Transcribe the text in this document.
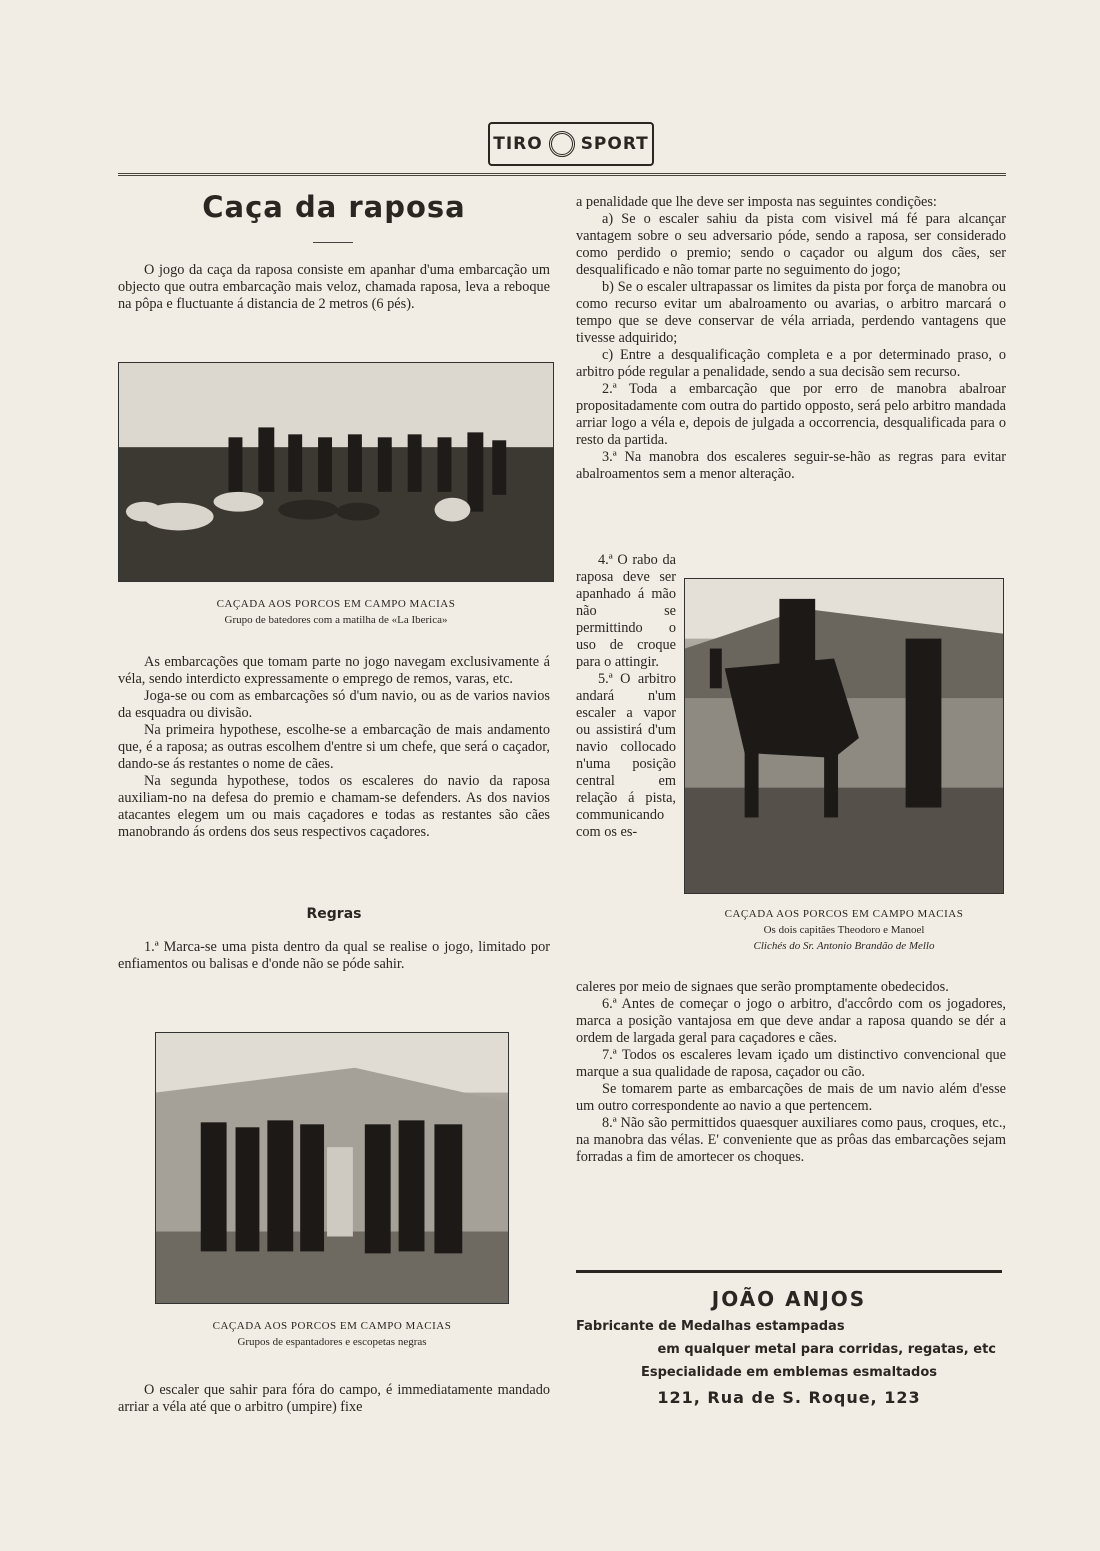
TIRO SPORT
Caça da raposa

O jogo da caça da raposa consiste em apanhar d'uma embarcação um objecto que outra embarcação mais veloz, chamada raposa, leva a reboque na pôpa e fluctuante á distancia de 2 metros (6 pés).

CAÇADA AOS PORCOS EM CAMPO MACIAS
Grupo de batedores com a matilha de «La Iberica»

As embarcações que tomam parte no jogo navegam exclusivamente á véla, sendo interdicto expressamente o emprego de remos, varas, etc.

Joga-se ou com as embarcações só d'um navio, ou as de varios navios da esquadra ou divisão.

Na primeira hypothese, escolhe-se a embarcação de mais andamento que, é a raposa; as outras escolhem d'entre si um chefe, que será o caçador, dando-se ás restantes o nome de cães.

Na segunda hypothese, todos os escaleres do navio da raposa auxiliam-no na defesa do premio e chamam-se defenders. As dos navios atacantes elegem um ou mais caçadores e todas as restantes são cães manobrando ás ordens dos seus respectivos caçadores.

Regras

1.ª Marca-se uma pista dentro da qual se realise o jogo, limitado por enfiamentos ou balisas e d'onde não se póde sahir.

CAÇADA AOS PORCOS EM CAMPO MACIAS
Grupos de espantadores e escopetas negras

O escaler que sahir para fóra do campo, é immediatamente mandado arriar a véla até que o arbitro (umpire) fixe

a penalidade que lhe deve ser imposta nas seguintes condições:

a) Se o escaler sahiu da pista com visivel má fé para alcançar vantagem sobre o seu adversario póde, sendo a raposa, ser considerado como perdido o premio; sendo o caçador ou algum dos cães, ser desqualificado e não tomar parte no seguimento do jogo;

b) Se o escaler ultrapassar os limites da pista por força de manobra ou como recurso evitar um abalroamento ou avarias, o arbitro marcará o tempo que se deve conservar de véla arriada, perdendo vantagens que tivesse adquirido;

c) Entre a desqualificação completa e a por determinado praso, o arbitro póde regular a penalidade, sendo a sua decisão sem recurso.

2.ª Toda a embarcação que por erro de manobra abalroar propositadamente com outra do partido opposto, será pelo arbitro mandada arriar logo a véla e, depois de julgada a occorrencia, desqualificada para o resto da partida.

3.ª Na manobra dos escaleres seguir-se-hão as regras para evitar abalroamentos sem a menor alteração.

4.ª O rabo da raposa deve ser apanhado á mão não se permittindo o uso de croque para o attingir.

5.ª O arbitro andará n'um escaler a vapor ou assistirá d'um navio collocado n'uma posição central em relação á pista, communicando com os es-

CAÇADA AOS PORCOS EM CAMPO MACIAS
Os dois capitães Theodoro e Manoel
Clichés do Sr. Antonio Brandão de Mello

caleres por meio de signaes que serão promptamente obedecidos.

6.ª Antes de começar o jogo o arbitro, d'accôrdo com os jogadores, marca a posição vantajosa em que deve andar a raposa quando se dér a ordem de largada geral para caçadores e cães.

7.ª Todos os escaleres levam içado um distinctivo convencional que marque a sua qualidade de raposa, caçador ou cão.

Se tomarem parte as embarcações de mais de um navio além d'esse um outro correspondente ao navio a que pertencem.

8.ª Não são permittidos quaesquer auxiliares como paus, croques, etc., na manobra das vélas. E' conveniente que as prôas das embarcações sejam forradas a fim de amortecer os choques.

JOÃO ANJOS
Fabricante de Medalhas estampadas
em qualquer metal para corridas, regatas, etc
Especialidade em emblemas esmaltados
121, Rua de S. Roque, 123
